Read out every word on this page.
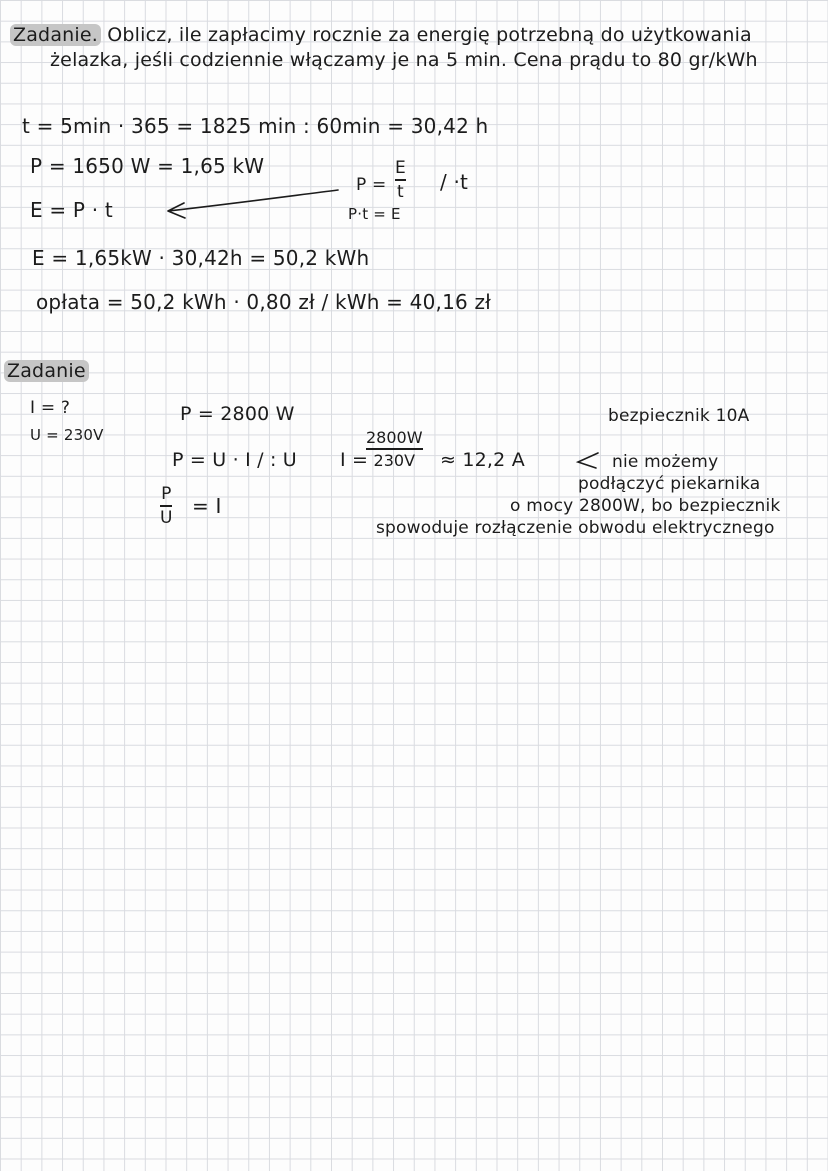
Zadanie. Oblicz, ile zapłacimy rocznie za energię potrzebną do użytkowania
żelazka, jeśli codziennie włączamy je na 5 min. Cena prądu to 80 gr/kWh
t = 5min · 365 = 1825 min : 60min = 30,42 h
P = 1650 W = 1,65 kW
E = P · t
P =
E
t / ·t
P·t = E
E = 1,65kW · 30,42h = 50,2 kWh
opłata = 50,2 kWh · 0,80 zł / kWh = 40,16 zł
Zadanie
I = ?
U = 230V
P = 2800 W
P = U · I / : U
P
U = I
I =
2800W
230V ≈ 12,2 A
bezpiecznik 10A
nie możemy
podłączyć piekarnika
o mocy 2800W, bo bezpiecznik
spowoduje rozłączenie obwodu elektrycznego
